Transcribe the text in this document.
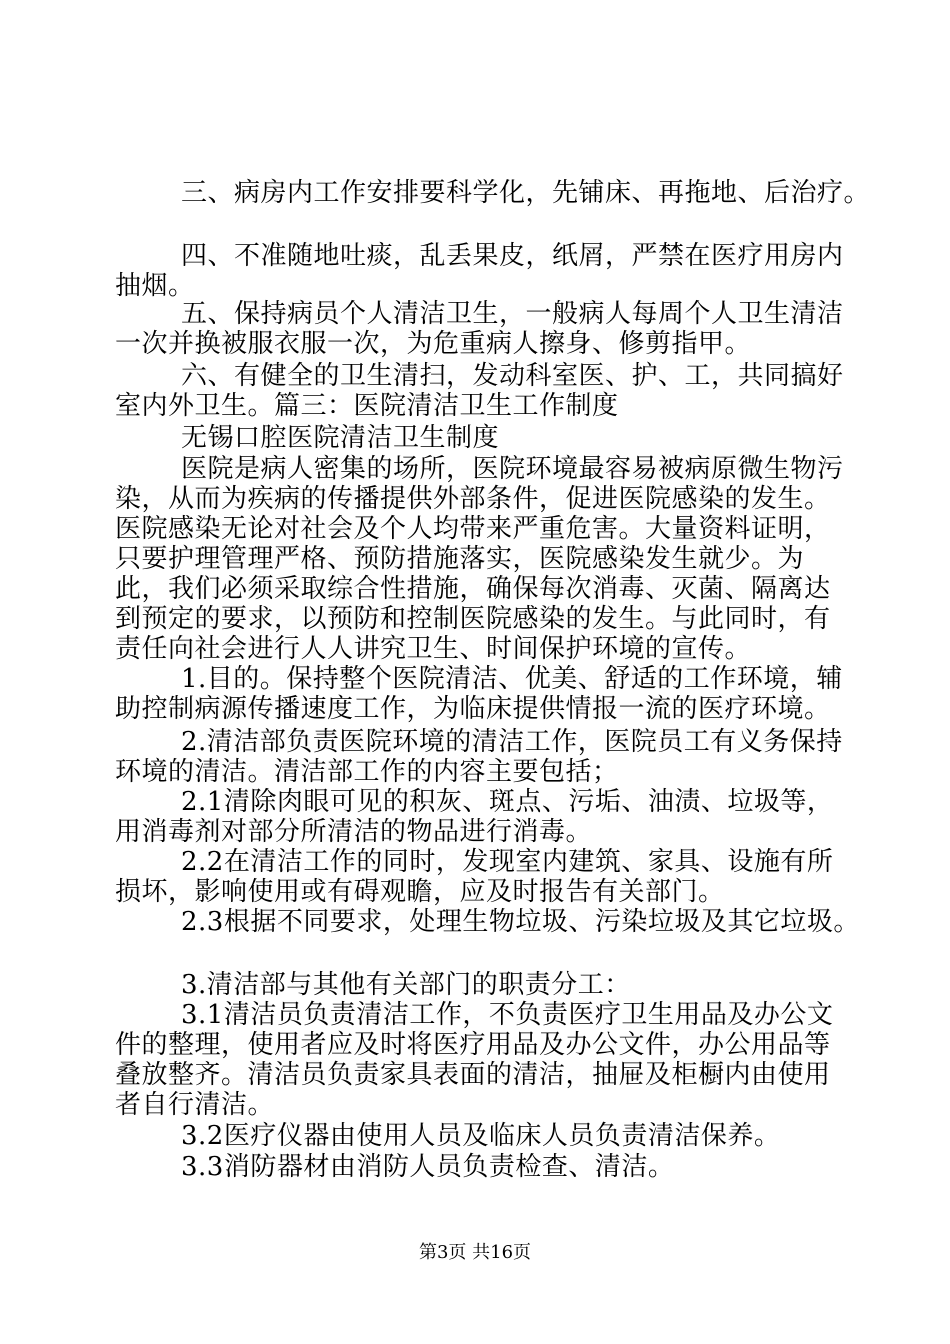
三、病房内工作安排要科学化，先铺床、再拖地、后治疗。

四、不准随地吐痰，乱丢果皮，纸屑，严禁在医疗用房内抽烟。

五、保持病员个人清洁卫生，一般病人每周个人卫生清洁一次并换被服衣服一次，为危重病人擦身、修剪指甲。

六、有健全的卫生清扫，发动科室医、护、工，共同搞好室内外卫生。篇三：医院清洁卫生工作制度

无锡口腔医院清洁卫生制度

医院是病人密集的场所，医院环境最容易被病原微生物污染，从而为疾病的传播提供外部条件，促进医院感染的发生。医院感染无论对社会及个人均带来严重危害。大量资料证明，只要护理管理严格、预防措施落实，医院感染发生就少。为此，我们必须采取综合性措施，确保每次消毒、灭菌、隔离达到预定的要求，以预防和控制医院感染的发生。与此同时，有责任向社会进行人人讲究卫生、时间保护环境的宣传。

1.目的。保持整个医院清洁、优美、舒适的工作环境，辅助控制病源传播速度工作，为临床提供情报一流的医疗环境。

2.清洁部负责医院环境的清洁工作，医院员工有义务保持环境的清洁。清洁部工作的内容主要包括；

2.1清除肉眼可见的积灰、斑点、污垢、油渍、垃圾等，用消毒剂对部分所清洁的物品进行消毒。

2.2在清洁工作的同时，发现室内建筑、家具、设施有所损坏，影响使用或有碍观瞻，应及时报告有关部门。

2.3根据不同要求，处理生物垃圾、污染垃圾及其它垃圾。

3.清洁部与其他有关部门的职责分工：

3.1清洁员负责清洁工作，不负责医疗卫生用品及办公文件的整理，使用者应及时将医疗用品及办公文件，办公用品等叠放整齐。清洁员负责家具表面的清洁，抽屉及柜橱内由使用者自行清洁。

3.2医疗仪器由使用人员及临床人员负责清洁保养。

3.3消防器材由消防人员负责检查、清洁。

第3页 共16页
